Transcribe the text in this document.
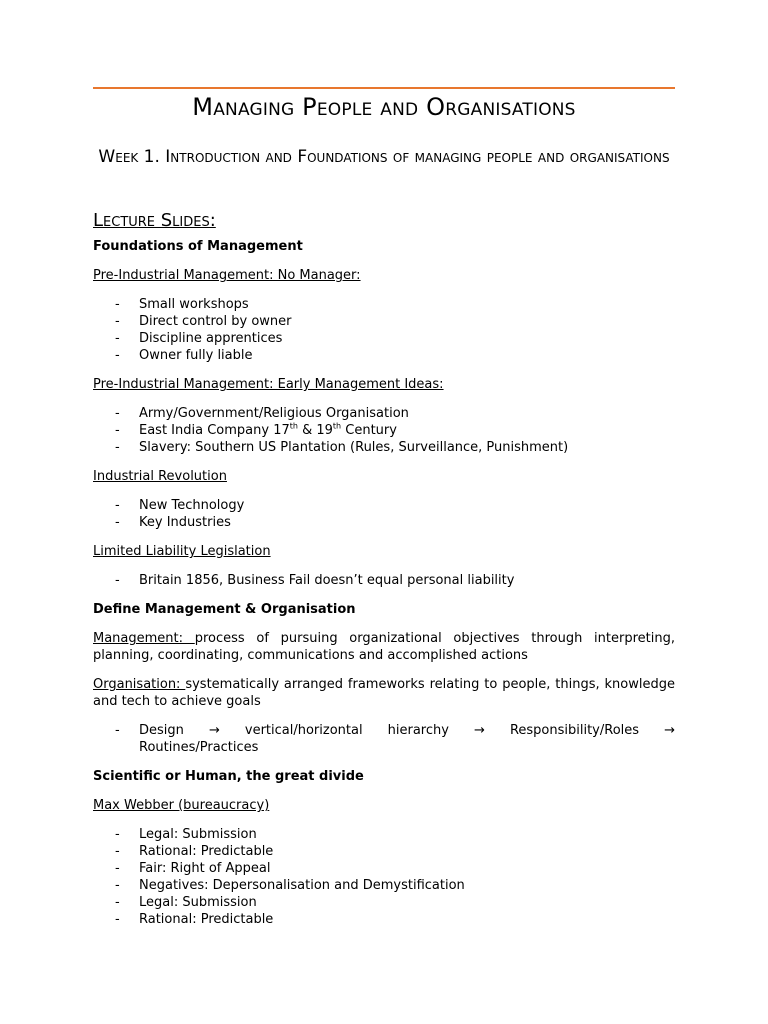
Managing People and Organisations
Week 1. Introduction and Foundations of managing people and organisations
Lecture Slides:
Foundations of Management
Pre-Industrial Management: No Manager:
- Small workshops
- Direct control by owner
- Discipline apprentices
- Owner fully liable
Pre-Industrial Management: Early Management Ideas:
- Army/Government/Religious Organisation
- East India Company 17th & 19th Century
- Slavery: Southern US Plantation (Rules, Surveillance, Punishment)
Industrial Revolution
- New Technology
- Key Industries
Limited Liability Legislation
- Britain 1856, Business Fail doesn’t equal personal liability
Define Management & Organisation

Management: process of pursuing organizational objectives through interpreting, planning, coordinating, communications and accomplished actions

Organisation: systematically arranged frameworks relating to people, things, knowledge and tech to achieve goals

- Design → vertical/horizontal hierarchy → Responsibility/Roles →
Routines/Practices
Scientific or Human, the great divide
Max Webber (bureaucracy)
- Legal: Submission
- Rational: Predictable
- Fair: Right of Appeal
- Negatives: Depersonalisation and Demystification
- Legal: Submission
- Rational: Predictable
